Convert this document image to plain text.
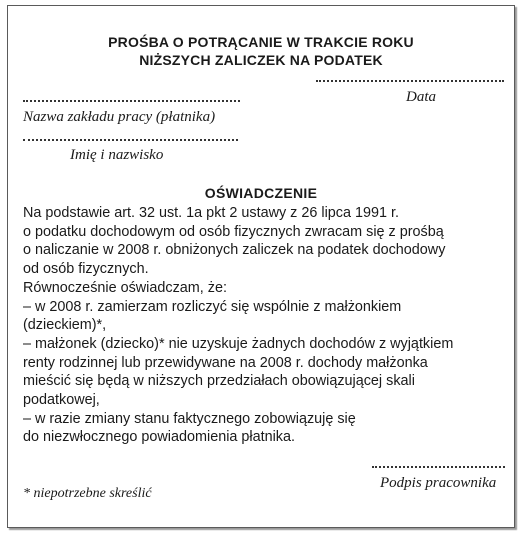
PROŚBA O POTRĄCANIE W TRAKCIE ROKU
NIŻSZYCH ZALICZEK NA PODATEK
Data
Nazwa zakładu pracy (płatnika)
Imię i nazwisko
OŚWIADCZENIE
Na podstawie art. 32 ust. 1a pkt 2 ustawy z 26 lipca 1991 r.
o podatku dochodowym od osób fizycznych zwracam się z prośbą
o naliczanie w 2008 r. obniżonych zaliczek na podatek dochodowy
od osób fizycznych.
Równocześnie oświadczam, że:
– w 2008 r. zamierzam rozliczyć się wspólnie z małżonkiem
(dzieckiem)*,
– małżonek (dziecko)* nie uzyskuje żadnych dochodów z wyjątkiem
renty rodzinnej lub przewidywane na 2008 r. dochody małżonka
mieścić się będą w niższych przedziałach obowiązującej skali
podatkowej,
– w razie zmiany stanu faktycznego zobowiązuję się
do niezwłocznego powiadomienia płatnika.
Podpis pracownika
* niepotrzebne skreślić
